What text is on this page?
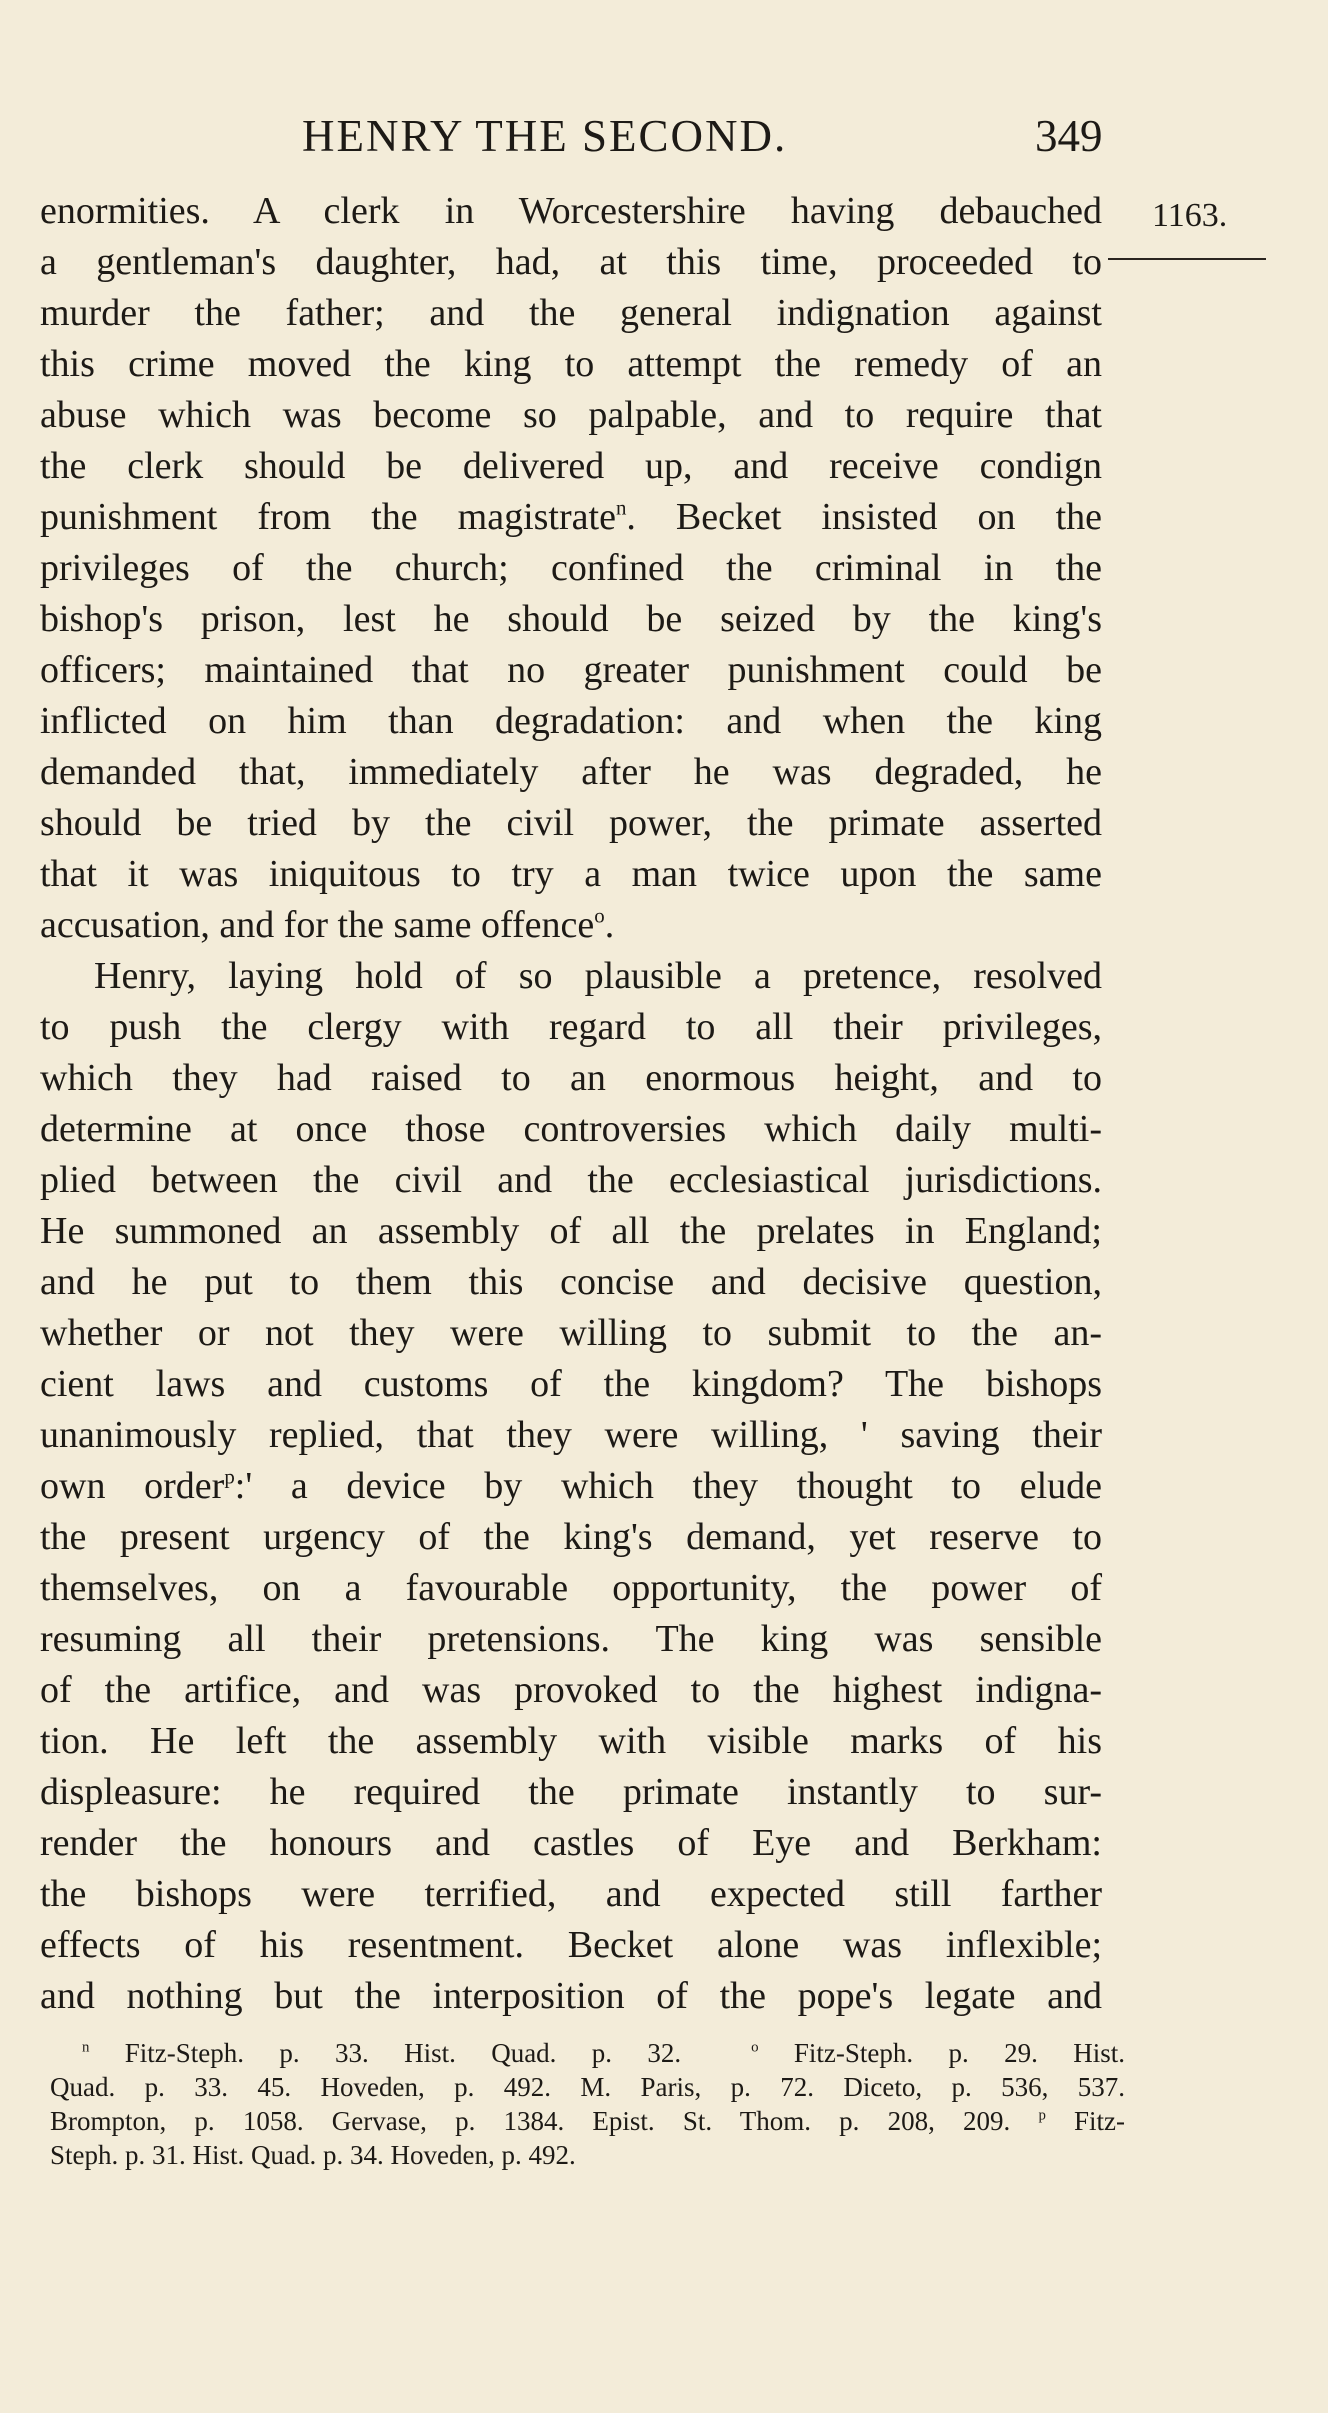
HENRY THE SECOND.	349
1163.
enormities. A clerk in Worcestershire having debauched
a gentleman's daughter, had, at this time, proceeded to
murder the father; and the general indignation against
this crime moved the king to attempt the remedy of an
abuse which was become so palpable, and to require that
the clerk should be delivered up, and receive condign
punishment from the magistrate$^n$. Becket insisted on the
privileges of the church; confined the criminal in the
bishop's prison, lest he should be seized by the king's
officers; maintained that no greater punishment could be
inflicted on him than degradation: and when the king
demanded that, immediately after he was degraded, he
should be tried by the civil power, the primate asserted
that it was iniquitous to try a man twice upon the same
accusation, and for the same offence$^o$.
Henry, laying hold of so plausible a pretence, resolved
to push the clergy with regard to all their privileges,
which they had raised to an enormous height, and to
determine at once those controversies which daily multi-
plied between the civil and the ecclesiastical jurisdictions.
He summoned an assembly of all the prelates in England;
and he put to them this concise and decisive question,
whether or not they were willing to submit to the an-
cient laws and customs of the kingdom? The bishops
unanimously replied, that they were willing, ' saving their
own order$^p$:' a device by which they thought to elude
the present urgency of the king's demand, yet reserve to
themselves, on a favourable opportunity, the power of
resuming all their pretensions. The king was sensible
of the artifice, and was provoked to the highest indigna-
tion. He left the assembly with visible marks of his
displeasure: he required the primate instantly to sur-
render the honours and castles of Eye and Berkham:
the bishops were terrified, and expected still farther
effects of his resentment. Becket alone was inflexible;
and nothing but the interposition of the pope's legate and
$^n$ Fitz-Steph. p. 33. Hist. Quad. p. 32.	$^o$ Fitz-Steph. p. 29. Hist.
Quad. p. 33. 45. Hoveden, p. 492. M. Paris, p. 72. Diceto, p. 536, 537.
Brompton, p. 1058. Gervase, p. 1384. Epist. St. Thom. p. 208, 209. $^p$ Fitz-
Steph. p. 31. Hist. Quad. p. 34. Hoveden, p. 492.
